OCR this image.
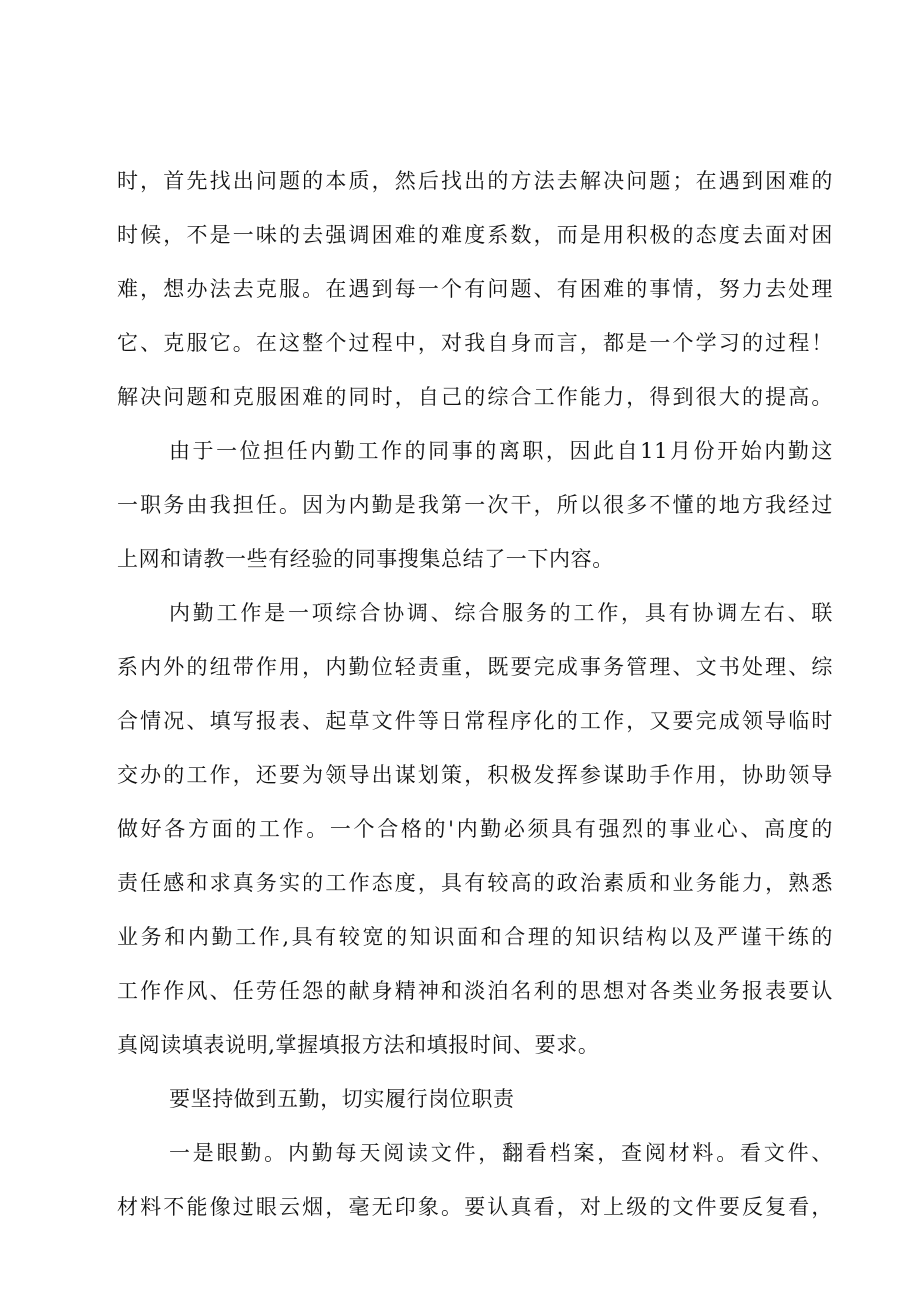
时，首先找出问题的本质，然后找出的方法去解决问题；在遇到困难的
时候，不是一味的去强调困难的难度系数，而是用积极的态度去面对困
难，想办法去克服。在遇到每一个有问题、有困难的事情，努力去处理
它、克服它。在这整个过程中，对我自身而言，都是一个学习的过程！
解决问题和克服困难的同时，自己的综合工作能力，得到很大的提高。
由于一位担任内勤工作的同事的离职，因此自11月份开始内勤这
一职务由我担任。因为内勤是我第一次干，所以很多不懂的地方我经过
上网和请教一些有经验的同事搜集总结了一下内容。
内勤工作是一项综合协调、综合服务的工作，具有协调左右、联
系内外的纽带作用，内勤位轻责重，既要完成事务管理、文书处理、综
合情况、填写报表、起草文件等日常程序化的工作，又要完成领导临时
交办的工作，还要为领导出谋划策，积极发挥参谋助手作用，协助领导
做好各方面的工作。一个合格的'内勤必须具有强烈的事业心、高度的
责任感和求真务实的工作态度，具有较高的政治素质和业务能力，熟悉
业务和内勤工作,具有较宽的知识面和合理的知识结构以及严谨干练的
工作作风、任劳任怨的献身精神和淡泊名利的思想对各类业务报表要认
真阅读填表说明,掌握填报方法和填报时间、要求。
要坚持做到五勤，切实履行岗位职责
一是眼勤。内勤每天阅读文件，翻看档案，查阅材料。看文件、
材料不能像过眼云烟，毫无印象。要认真看，对上级的文件要反复看，
